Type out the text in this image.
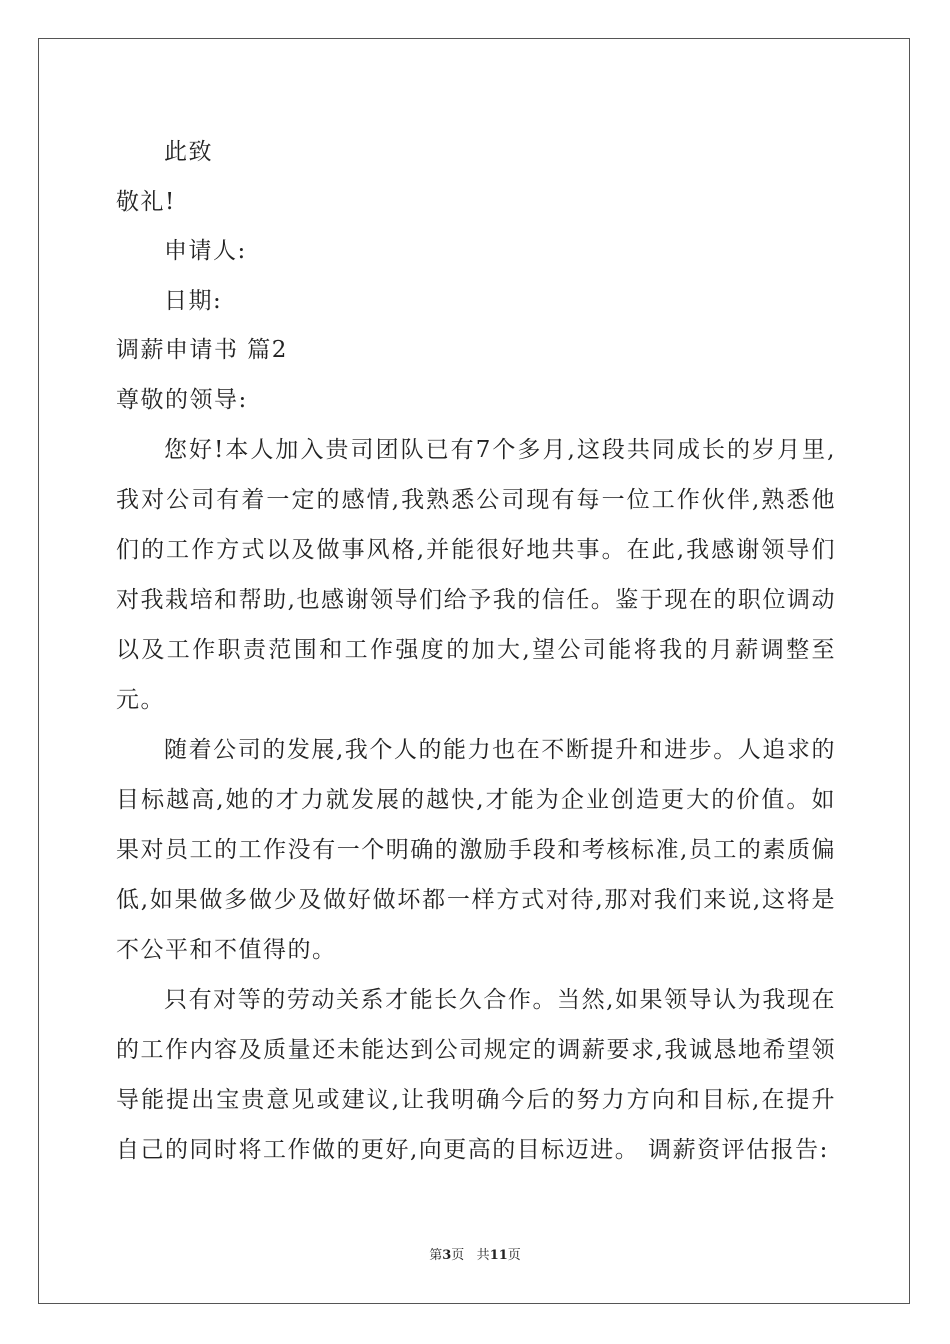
此致
敬礼!
申请人:
日期:
调薪申请书 篇2
尊敬的领导:
您好!本人加入贵司团队已有7个多月,这段共同成长的岁月里,我对公司有着一定的感情,我熟悉公司现有每一位工作伙伴,熟悉他们的工作方式以及做事风格,并能很好地共事。在此,我感谢领导们对我栽培和帮助,也感谢领导们给予我的信任。鉴于现在的职位调动以及工作职责范围和工作强度的加大,望公司能将我的月薪调整至元。
随着公司的发展,我个人的能力也在不断提升和进步。人追求的目标越高,她的才力就发展的越快,才能为企业创造更大的价值。如果对员工的工作没有一个明确的激励手段和考核标准,员工的素质偏低,如果做多做少及做好做坏都一样方式对待,那对我们来说,这将是不公平和不值得的。
只有对等的劳动关系才能长久合作。当然,如果领导认为我现在的工作内容及质量还未能达到公司规定的调薪要求,我诚恳地希望领导能提出宝贵意见或建议,让我明确今后的努力方向和目标,在提升自己的同时将工作做的更好,向更高的目标迈进。 调薪资评估报告:
第3页 共11页
